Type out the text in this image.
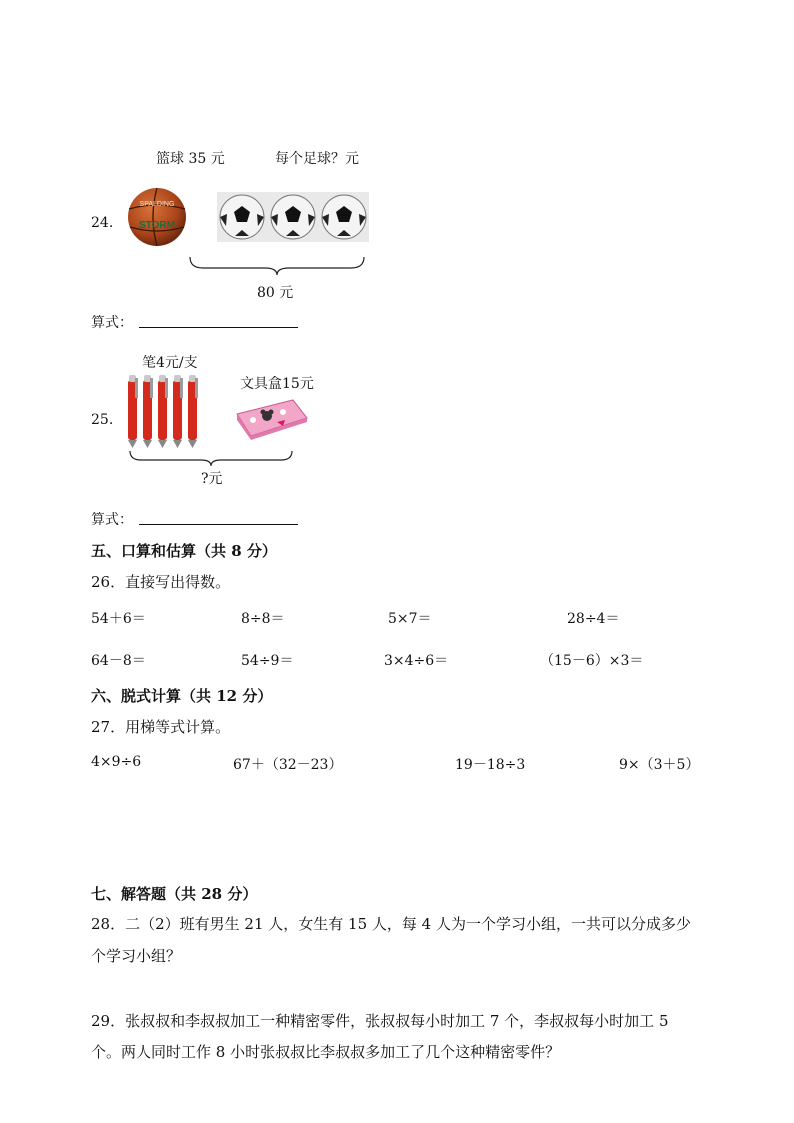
篮球 35 元	每个足球？元
24.
SPALDING
STORM
80 元
算式：
笔4元/支
文具盒15元
25.
?元
算式：
五、口算和估算（共 8 分）
26．直接写出得数。
54＋6＝	8÷8＝	5×7＝	28÷4＝
64－8＝	54÷9＝	3×4÷6＝	（15－6）×3＝
六、脱式计算（共 12 分）
27．用梯等式计算。
4×9÷6	67＋（32－23）	19－18÷3	9×（3＋5）
七、解答题（共 28 分）
28．二（2）班有男生 21 人，女生有 15 人，每 4 人为一个学习小组，一共可以分成多少
个学习小组？
29．张叔叔和李叔叔加工一种精密零件，张叔叔每小时加工 7 个，李叔叔每小时加工 5
个。两人同时工作 8 小时张叔叔比李叔叔多加工了几个这种精密零件？
